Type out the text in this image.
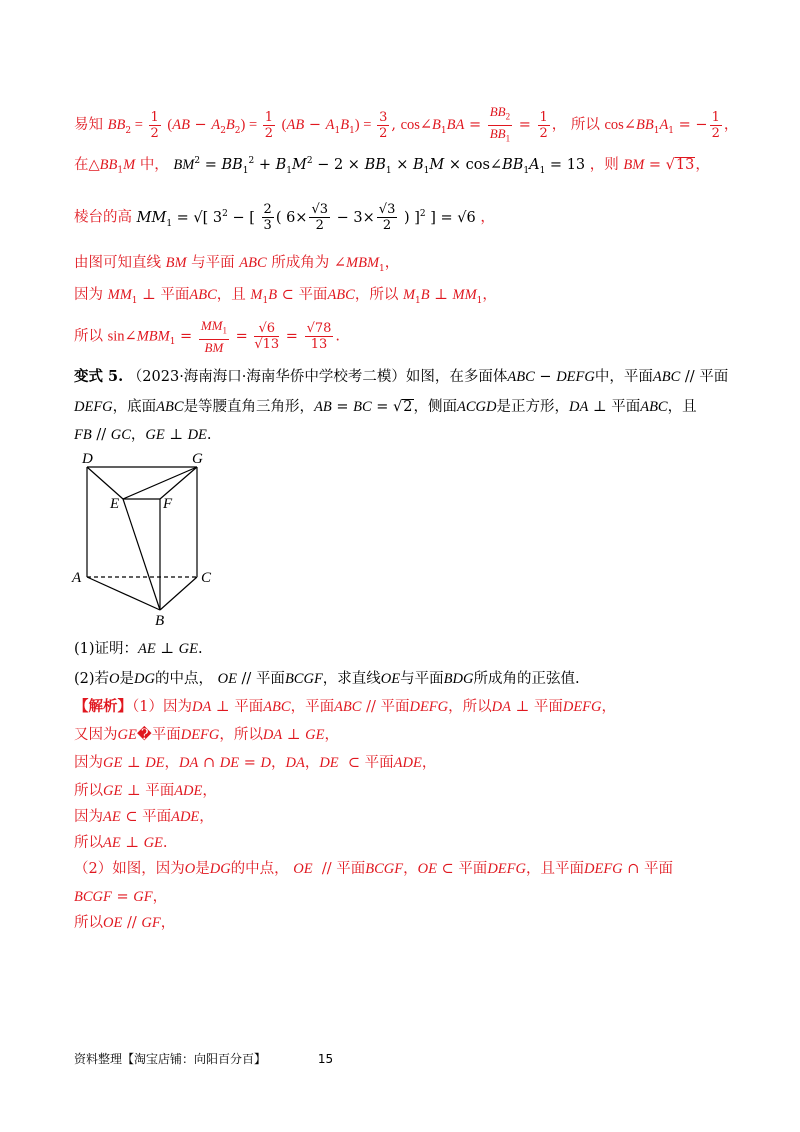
易知 $BB_2 = \frac{1}{2} (AB - A_2B_2) = \frac{1}{2} (AB - A_1B_1) = \frac{3}{2}$ , $\cos\angle B_1BA = \frac{BB_2}{BB_1} = \frac{1}{2}$ ， 所以 $\cos\angle BB_1A_1$ = − $\frac{1}{2}$ ，
在$\triangle BB_1M$ 中， $BM^2 = BB_1^2 + B_1M^2 - 2 \times BB_1 \times B_1M$ × $\cos\angle BB_1A_1 = 13$ ，则 BM = √13，
棱台的高 $MM_1$ = √[ $3^2$ − [ $\frac{2}{3}$ ( $6\times \frac{√3}{2} - 3\times \frac{√3}{2}$ ) ]$^2$ ] = √6 ，
由图可知直线 BM 与平面 ABC 所成角为 $\angle MBM_1$，
因为 $MM_1$ ⊥ 平面ABC，且 $M_1B$ ⊂ 平面ABC，所以 $M_1B$ ⊥ $MM_1$，
所以 $\sin\angle MBM_1 = \frac{MM_1}{BM} = \frac{√6}{√13} = \frac{√78}{13}$ .
变式 5. （2023·海南海口·海南华侨中学校考二模）如图，在多面体ABC − DEFG中，平面ABC // 平面
DEFG，底面ABC是等腰直角三角形，AB = BC = √2，侧面ACGD是正方形，DA ⊥ 平面ABC，且
FB // GC，GE ⊥ DE.
D	G
E	F
A	C
B
(1)证明：AE ⊥ GE.
(2)若O是DG的中点， OE // 平面BCGF，求直线OE与平面BDG所成角的正弦值.
【解析】（1）因为DA ⊥ 平面ABC，平面ABC // 平面DEFG，所以DA ⊥ 平面DEFG，
又因为GE�平面DEFG，所以DA ⊥ GE，
因为GE ⊥ DE，DA ∩ DE = D，DA，DE  ⊂ 平面ADE，
所以GE ⊥ 平面ADE，
因为AE ⊂ 平面ADE，
所以AE ⊥ GE.
（2）如图，因为O是DG的中点， OE  // 平面BCGF，OE ⊂ 平面DEFG，且平面DEFG ∩ 平面
BCGF = GF，
所以OE // GF，
资料整理【淘宝店铺：向阳百分百】	15
